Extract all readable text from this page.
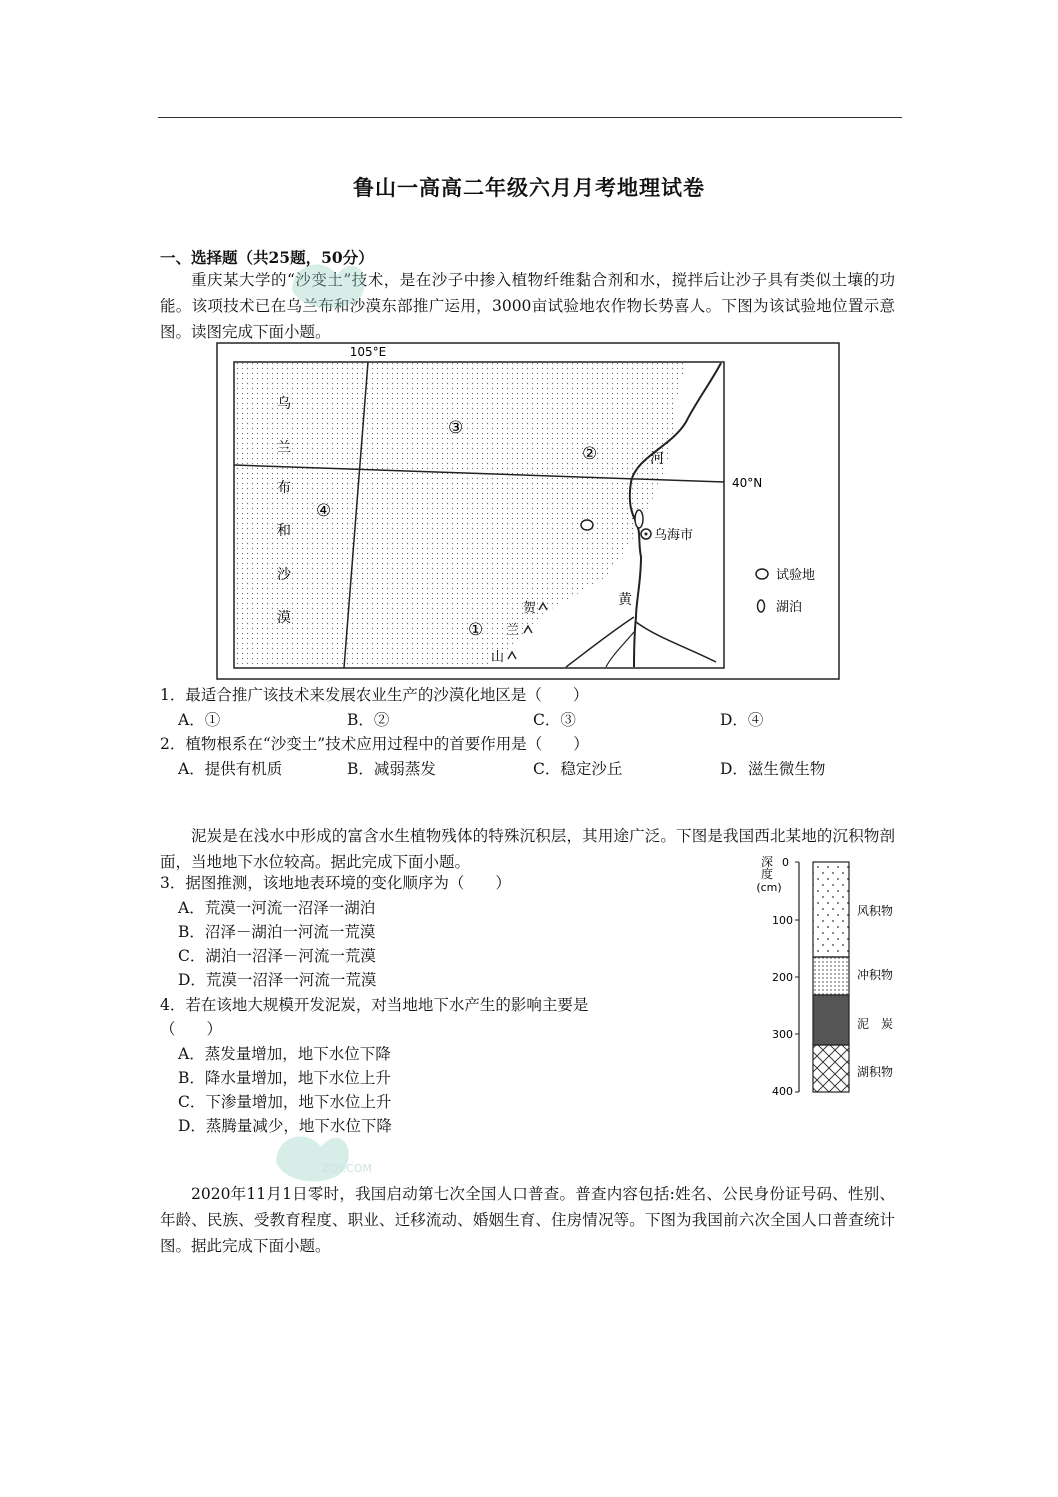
鲁山一高高二年级六月月考地理试卷
一、选择题（共25题，50分）
重庆某大学的“沙变土”技术，是在沙子中掺入植物纤维黏合剂和水，搅拌后让沙子具有类似土壤的功能。该项技术已在乌兰布和沙漠东部推广运用，3000亩试验地农作物长势喜人。下图为该试验地位置示意图。读图完成下面小题。
105°E
40°N
乌
兰
布
和
沙
漠
③
②
④
①
河
黄
乌海市
贺
兰
山
试验地
湖泊
1．最适合推广该技术来发展农业生产的沙漠化地区是（　　）
A．①	B．②	C．③	D．④
2．植物根系在“沙变土”技术应用过程中的首要作用是（　　）
A．提供有机质	B．减弱蒸发	C．稳定沙丘	D．滋生微生物
泥炭是在浅水中形成的富含水生植物残体的特殊沉积层，其用途广泛。下图是我国西北某地的沉积物剖面，当地地下水位较高。据此完成下面小题。
3．据图推测，该地地表环境的变化顺序为（　　）
A．荒漠一河流一沼泽一湖泊
B．沼泽－湖泊一河流一荒漠
C．湖泊一沼泽－河流一荒漠
D．荒漠一沼泽一河流一荒漠
4．若在该地大规模开发泥炭，对当地地下水产生的影响主要是
（　　）
A．蒸发量增加，地下水位下降
B．降水量增加，地下水位上升
C．下渗量增加，地下水位上升
D．蒸腾量减少，地下水位下降
深
度
(cm)
0
100
200
300
400
风积物
冲积物
泥　炭
湖积物
ZQY.COM
2020年11月1日零时，我国启动第七次全国人口普查。普查内容包括:姓名、公民身份证号码、性别、年龄、民族、受教育程度、职业、迁移流动、婚姻生育、住房情况等。下图为我国前六次全国人口普查统计图。据此完成下面小题。
